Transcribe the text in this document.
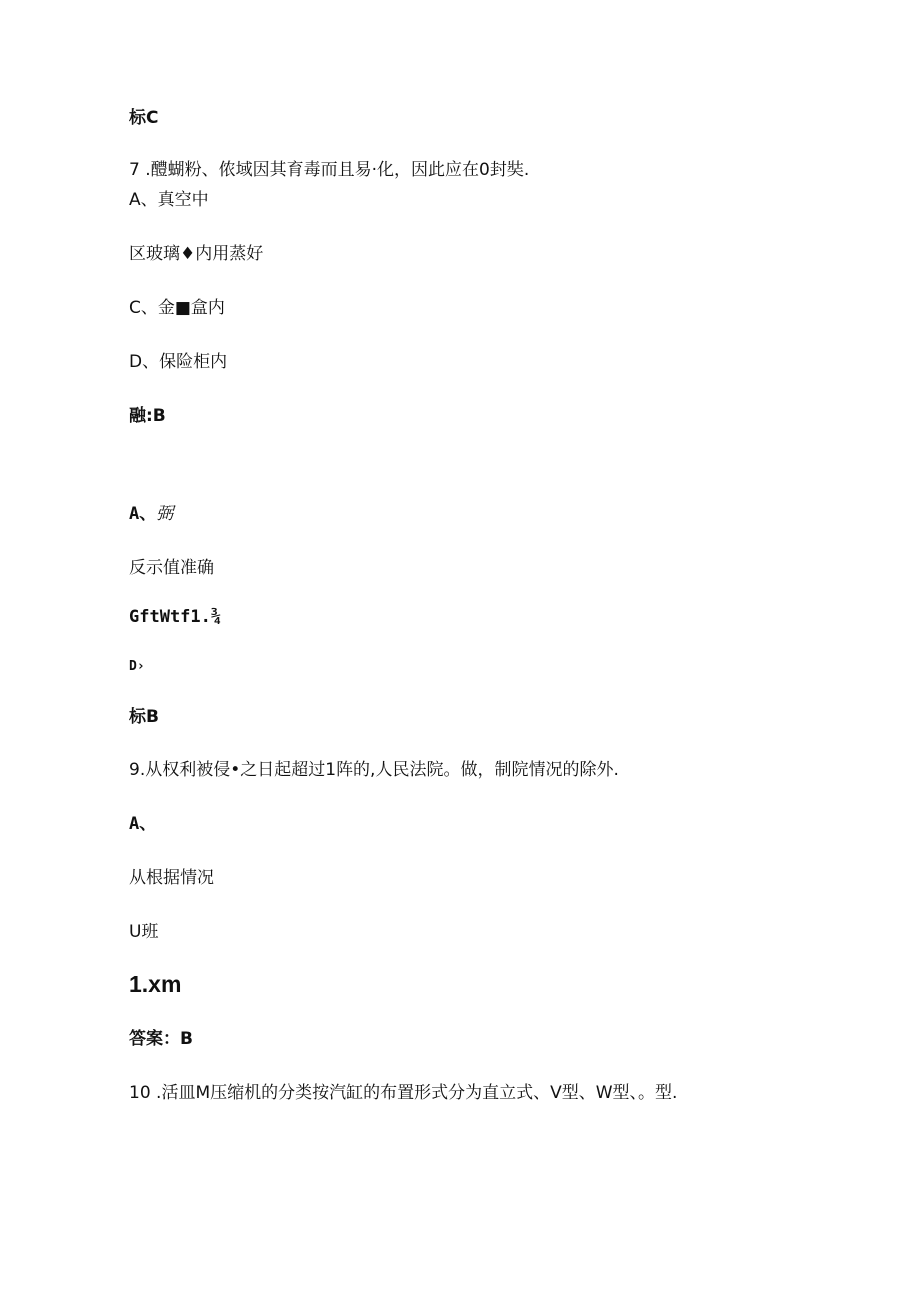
标C
7 .醴蝴粉、侬域因其育毒而且易·化，因此应在0封奘.
A、真空中
区玻璃♦内用蒸好
C、金■盒内
D、保险柜内
融:B
A、弼
反示值准确
GftWtf1.¾
D›
标B
9.从权利被侵•之日起超过1阵的,人民法院。做，制院情况的除外.
A、
从根据情况
U班
1.xm
答案：B
10 .活皿M压缩机的分类按汽缸的布置形式分为直立式、V型、W型、。型.
